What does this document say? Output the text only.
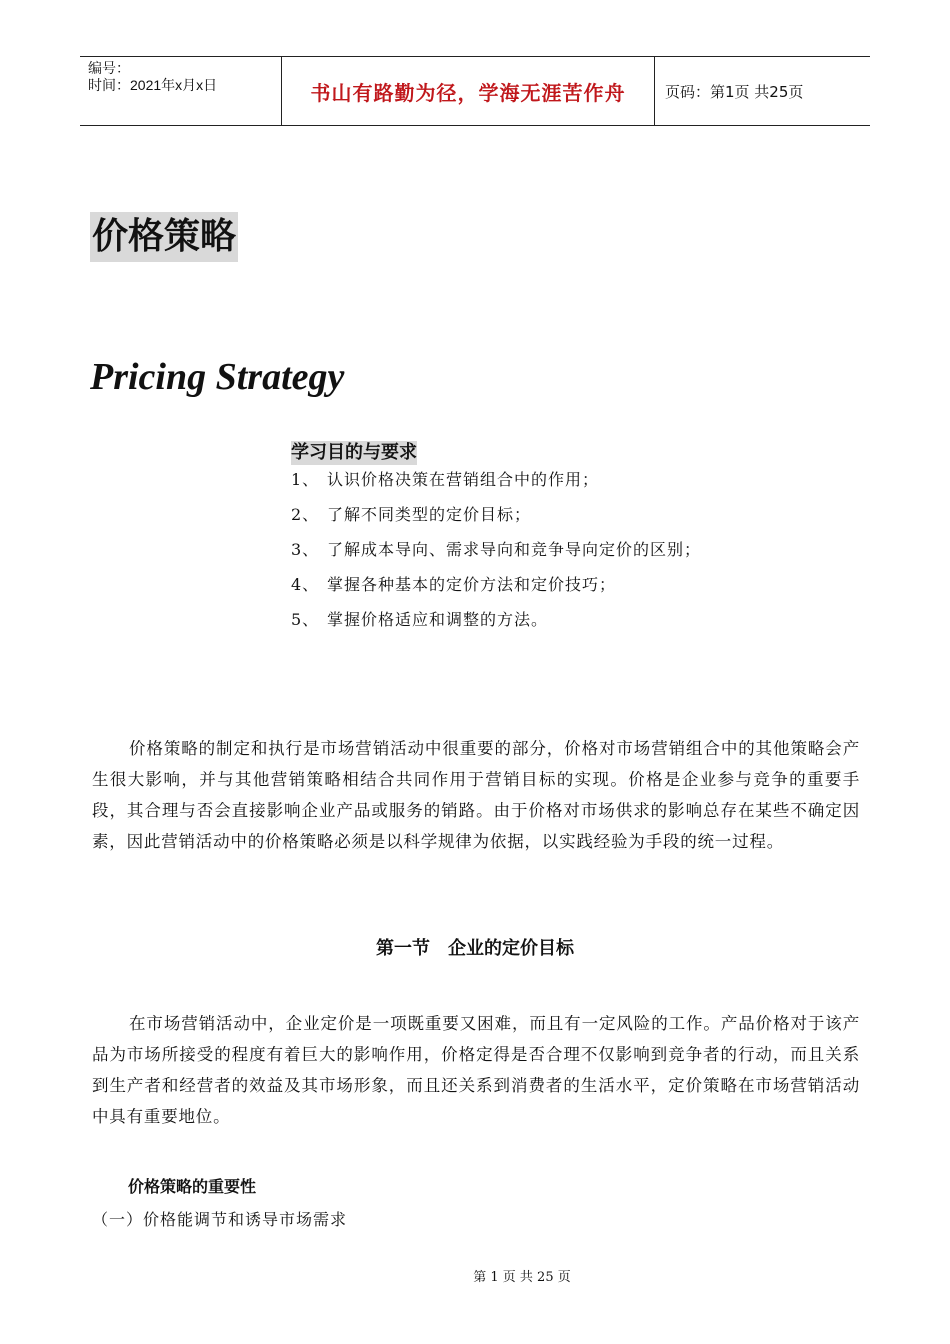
编号：
时间：2021年x月x日	书山有路勤为径，学海无涯苦作舟	页码：第1页 共25页
价格策略
Pricing Strategy
学习目的与要求
1、 认识价格决策在营销组合中的作用；
2、 了解不同类型的定价目标；
3、 了解成本导向、需求导向和竞争导向定价的区别；
4、 掌握各种基本的定价方法和定价技巧；
5、 掌握价格适应和调整的方法。

价格策略的制定和执行是市场营销活动中很重要的部分，价格对市场营销组合中的其他策略会产生很大影响，并与其他营销策略相结合共同作用于营销目标的实现。价格是企业参与竞争的重要手段，其合理与否会直接影响企业产品或服务的销路。由于价格对市场供求的影响总存在某些不确定因素，因此营销活动中的价格策略必须是以科学规律为依据，以实践经验为手段的统一过程。

第一节　企业的定价目标

在市场营销活动中，企业定价是一项既重要又困难，而且有一定风险的工作。产品价格对于该产品为市场所接受的程度有着巨大的影响作用，价格定得是否合理不仅影响到竞争者的行动，而且关系到生产者和经营者的效益及其市场形象，而且还关系到消费者的生活水平，定价策略在市场营销活动中具有重要地位。

价格策略的重要性
（一）价格能调节和诱导市场需求
第 1 页 共 25 页
